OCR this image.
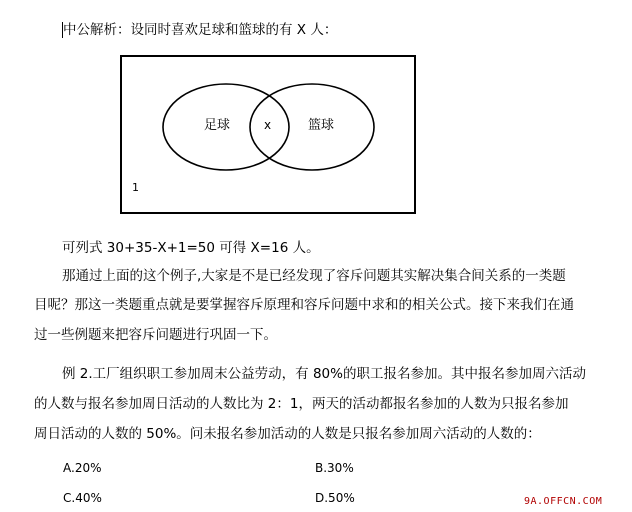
中公解析：设同时喜欢足球和篮球的有 X 人：
足球	x	篮球
1
可列式 30+35-X+1=50 可得 X=16 人。
那通过上面的这个例子,大家是不是已经发现了容斥问题其实解决集合间关系的一类题
目呢？那这一类题重点就是要掌握容斥原理和容斥问题中求和的相关公式。接下来我们在通
过一些例题来把容斥问题进行巩固一下。
例 2.工厂组织职工参加周末公益劳动，有 80%的职工报名参加。其中报名参加周六活动
的人数与报名参加周日活动的人数比为 2：1，两天的活动都报名参加的人数为只报名参加
周日活动的人数的 50%。问未报名参加活动的人数是只报名参加周六活动的人数的：
A.20%	B.30%
C.40%	D.50%	9A.OFFCN.COM
